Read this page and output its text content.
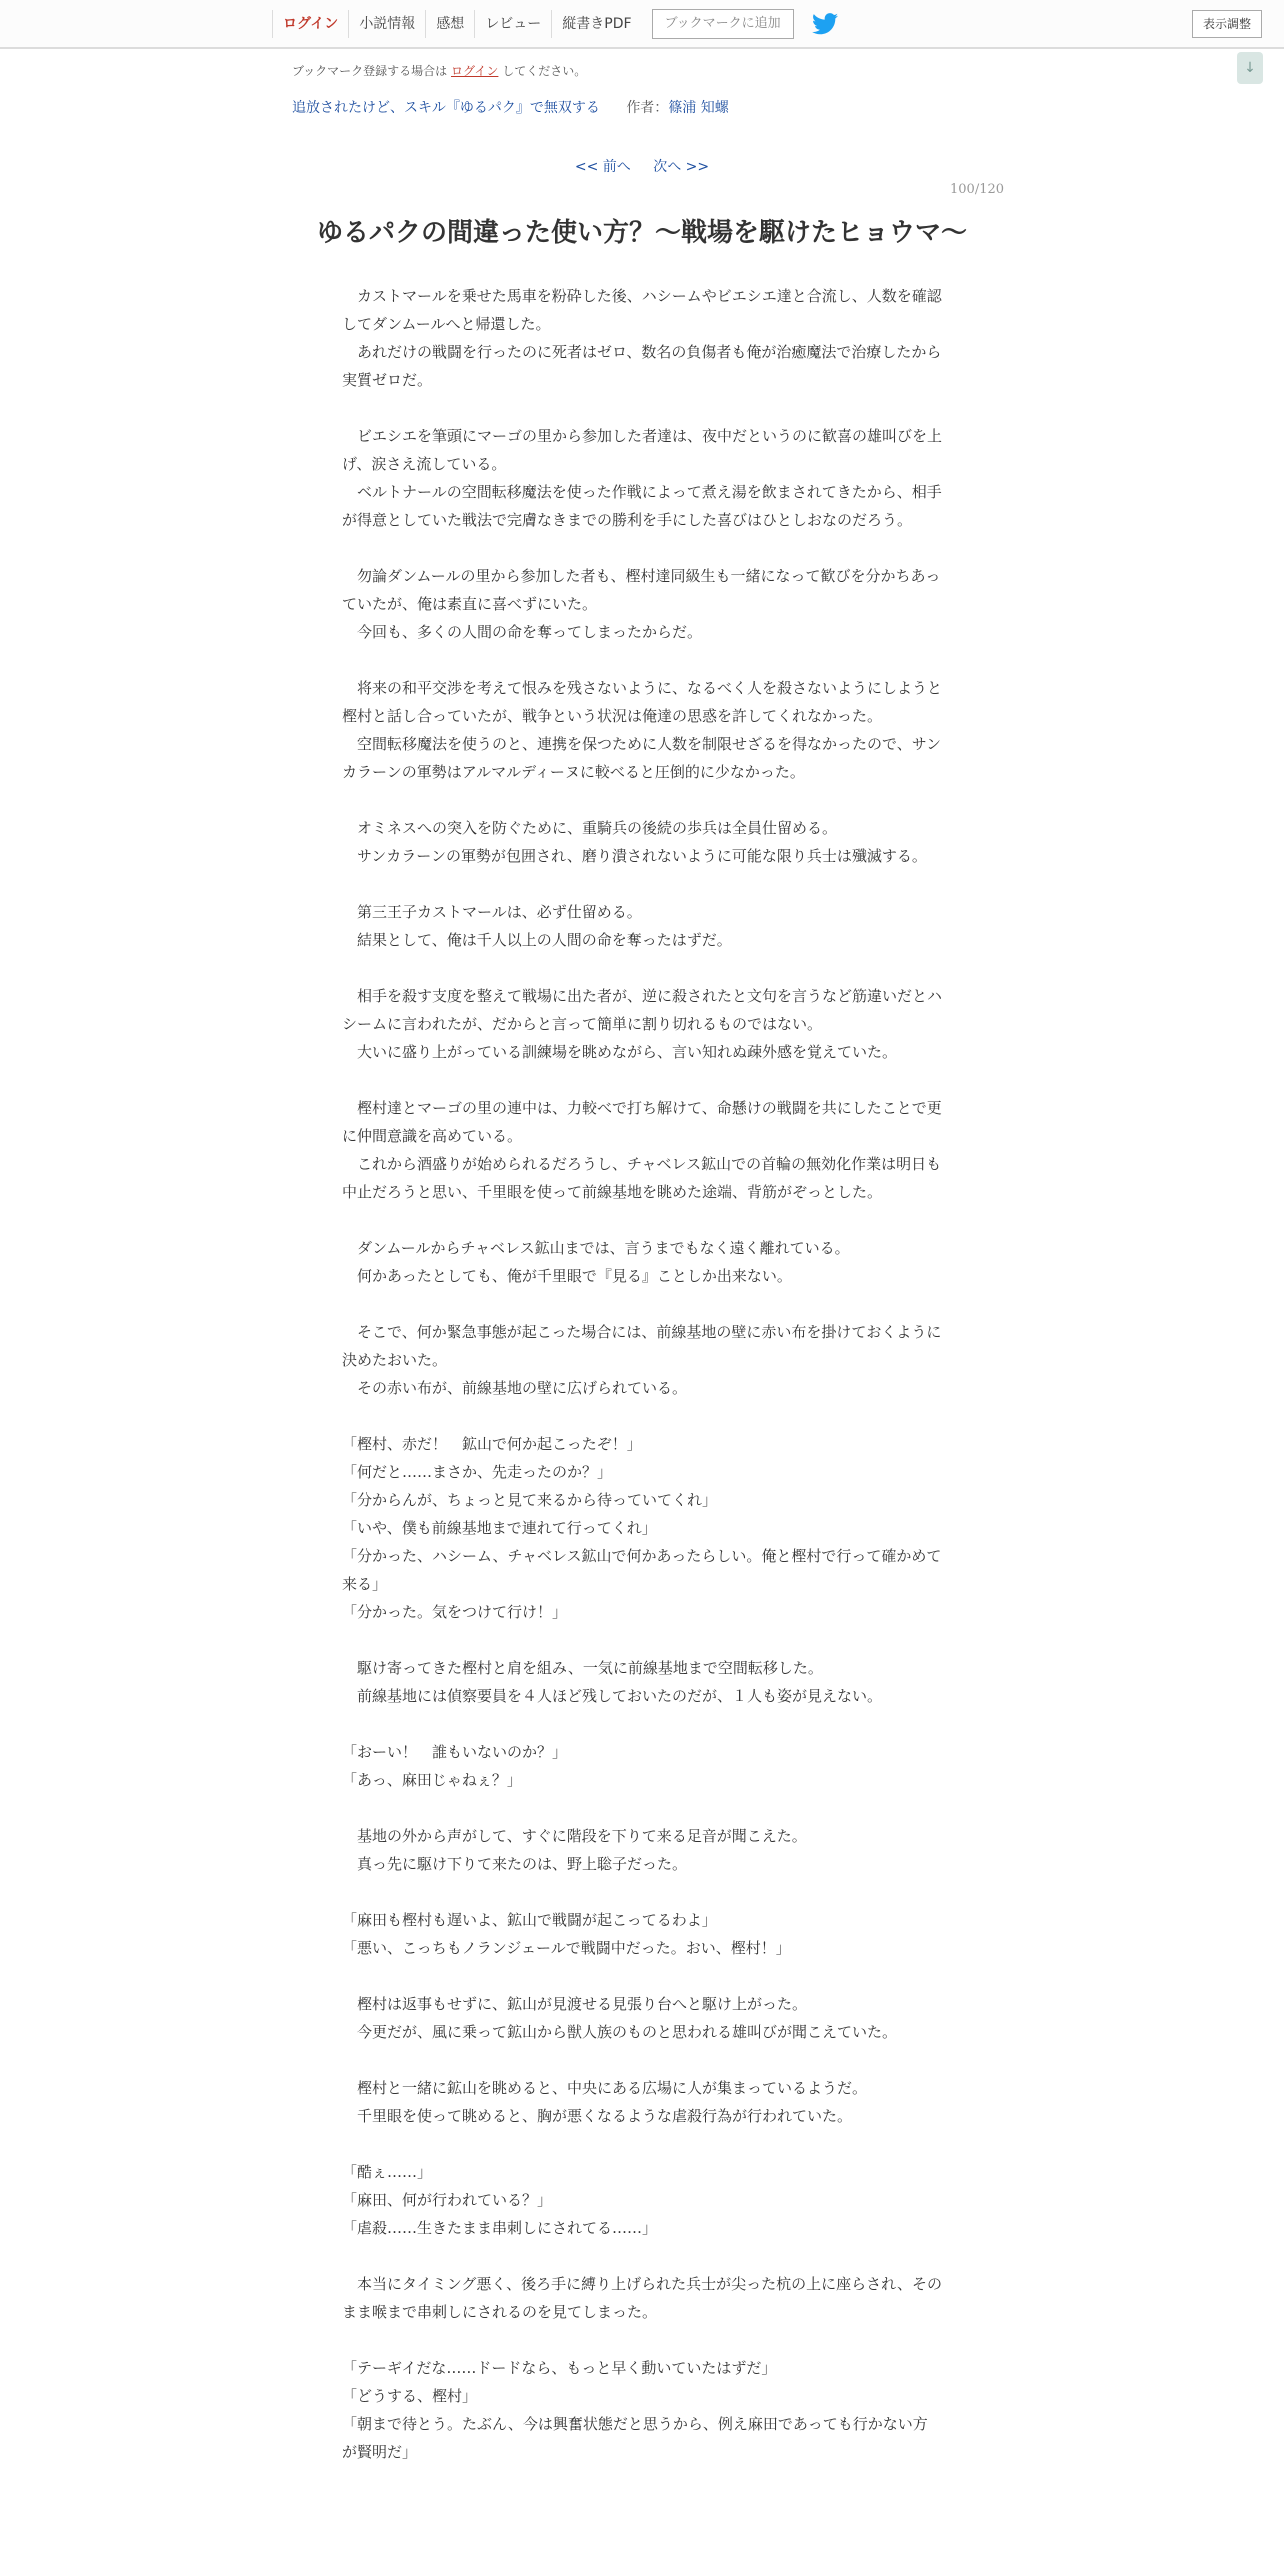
ログイン	小説情報	感想	レビュー	縦書きPDF	ブックマークに追加	表示調整
↓
ブックマーク登録する場合は ログイン してください。
追放されたけど、スキル『ゆるパク』で無双する 作者：篠浦 知螺
<< 前へ 次へ >>
100/120
ゆるパクの間違った使い方？～戦場を駆けたヒョウマ～

　カストマールを乗せた馬車を粉砕した後、ハシームやビエシエ達と合流し、人数を確認してダンムールへと帰還した。

　あれだけの戦闘を行ったのに死者はゼロ、数名の負傷者も俺が治癒魔法で治療したから実質ゼロだ。

　ビエシエを筆頭にマーゴの里から参加した者達は、夜中だというのに歓喜の雄叫びを上げ、涙さえ流している。

　ベルトナールの空間転移魔法を使った作戦によって煮え湯を飲まされてきたから、相手が得意としていた戦法で完膚なきまでの勝利を手にした喜びはひとしおなのだろう。

　勿論ダンムールの里から参加した者も、樫村達同級生も一緒になって歓びを分かちあっていたが、俺は素直に喜べずにいた。

　今回も、多くの人間の命を奪ってしまったからだ。

　将来の和平交渉を考えて恨みを残さないように、なるべく人を殺さないようにしようと樫村と話し合っていたが、戦争という状況は俺達の思惑を許してくれなかった。

　空間転移魔法を使うのと、連携を保つために人数を制限せざるを得なかったので、サンカラーンの軍勢はアルマルディーヌに較べると圧倒的に少なかった。

　オミネスへの突入を防ぐために、重騎兵の後続の歩兵は全員仕留める。

　サンカラーンの軍勢が包囲され、磨り潰されないように可能な限り兵士は殲滅する。

　第三王子カストマールは、必ず仕留める。

　結果として、俺は千人以上の人間の命を奪ったはずだ。

　相手を殺す支度を整えて戦場に出た者が、逆に殺されたと文句を言うなど筋違いだとハシームに言われたが、だからと言って簡単に割り切れるものではない。

　大いに盛り上がっている訓練場を眺めながら、言い知れぬ疎外感を覚えていた。

　樫村達とマーゴの里の連中は、力較べで打ち解けて、命懸けの戦闘を共にしたことで更に仲間意識を高めている。

　これから酒盛りが始められるだろうし、チャベレス鉱山での首輪の無効化作業は明日も中止だろうと思い、千里眼を使って前線基地を眺めた途端、背筋がぞっとした。

　ダンムールからチャベレス鉱山までは、言うまでもなく遠く離れている。

　何かあったとしても、俺が千里眼で『見る』ことしか出来ない。

　そこで、何か緊急事態が起こった場合には、前線基地の壁に赤い布を掛けておくように決めたおいた。

　その赤い布が、前線基地の壁に広げられている。

「樫村、赤だ！　鉱山で何か起こったぞ！」

「何だと……まさか、先走ったのか？」

「分からんが、ちょっと見て来るから待っていてくれ」

「いや、僕も前線基地まで連れて行ってくれ」

「分かった、ハシーム、チャベレス鉱山で何かあったらしい。俺と樫村で行って確かめて来る」

「分かった。気をつけて行け！」

　駆け寄ってきた樫村と肩を組み、一気に前線基地まで空間転移した。

　前線基地には偵察要員を４人ほど残しておいたのだが、１人も姿が見えない。

「おーい！　誰もいないのか？」

「あっ、麻田じゃねぇ？」

　基地の外から声がして、すぐに階段を下りて来る足音が聞こえた。

　真っ先に駆け下りて来たのは、野上聡子だった。

「麻田も樫村も遅いよ、鉱山で戦闘が起こってるわよ」

「悪い、こっちもノランジェールで戦闘中だった。おい、樫村！」

　樫村は返事もせずに、鉱山が見渡せる見張り台へと駆け上がった。

　今更だが、風に乗って鉱山から獣人族のものと思われる雄叫びが聞こえていた。

　樫村と一緒に鉱山を眺めると、中央にある広場に人が集まっているようだ。

　千里眼を使って眺めると、胸が悪くなるような虐殺行為が行われていた。

「酷ぇ……」

「麻田、何が行われている？」

「虐殺……生きたまま串刺しにされてる……」

　本当にタイミング悪く、後ろ手に縛り上げられた兵士が尖った杭の上に座らされ、そのまま喉まで串刺しにされるのを見てしまった。

「テーギイだな……ドードなら、もっと早く動いていたはずだ」

「どうする、樫村」

「朝まで待とう。たぶん、今は興奮状態だと思うから、例え麻田であっても行かない方が賢明だ」
